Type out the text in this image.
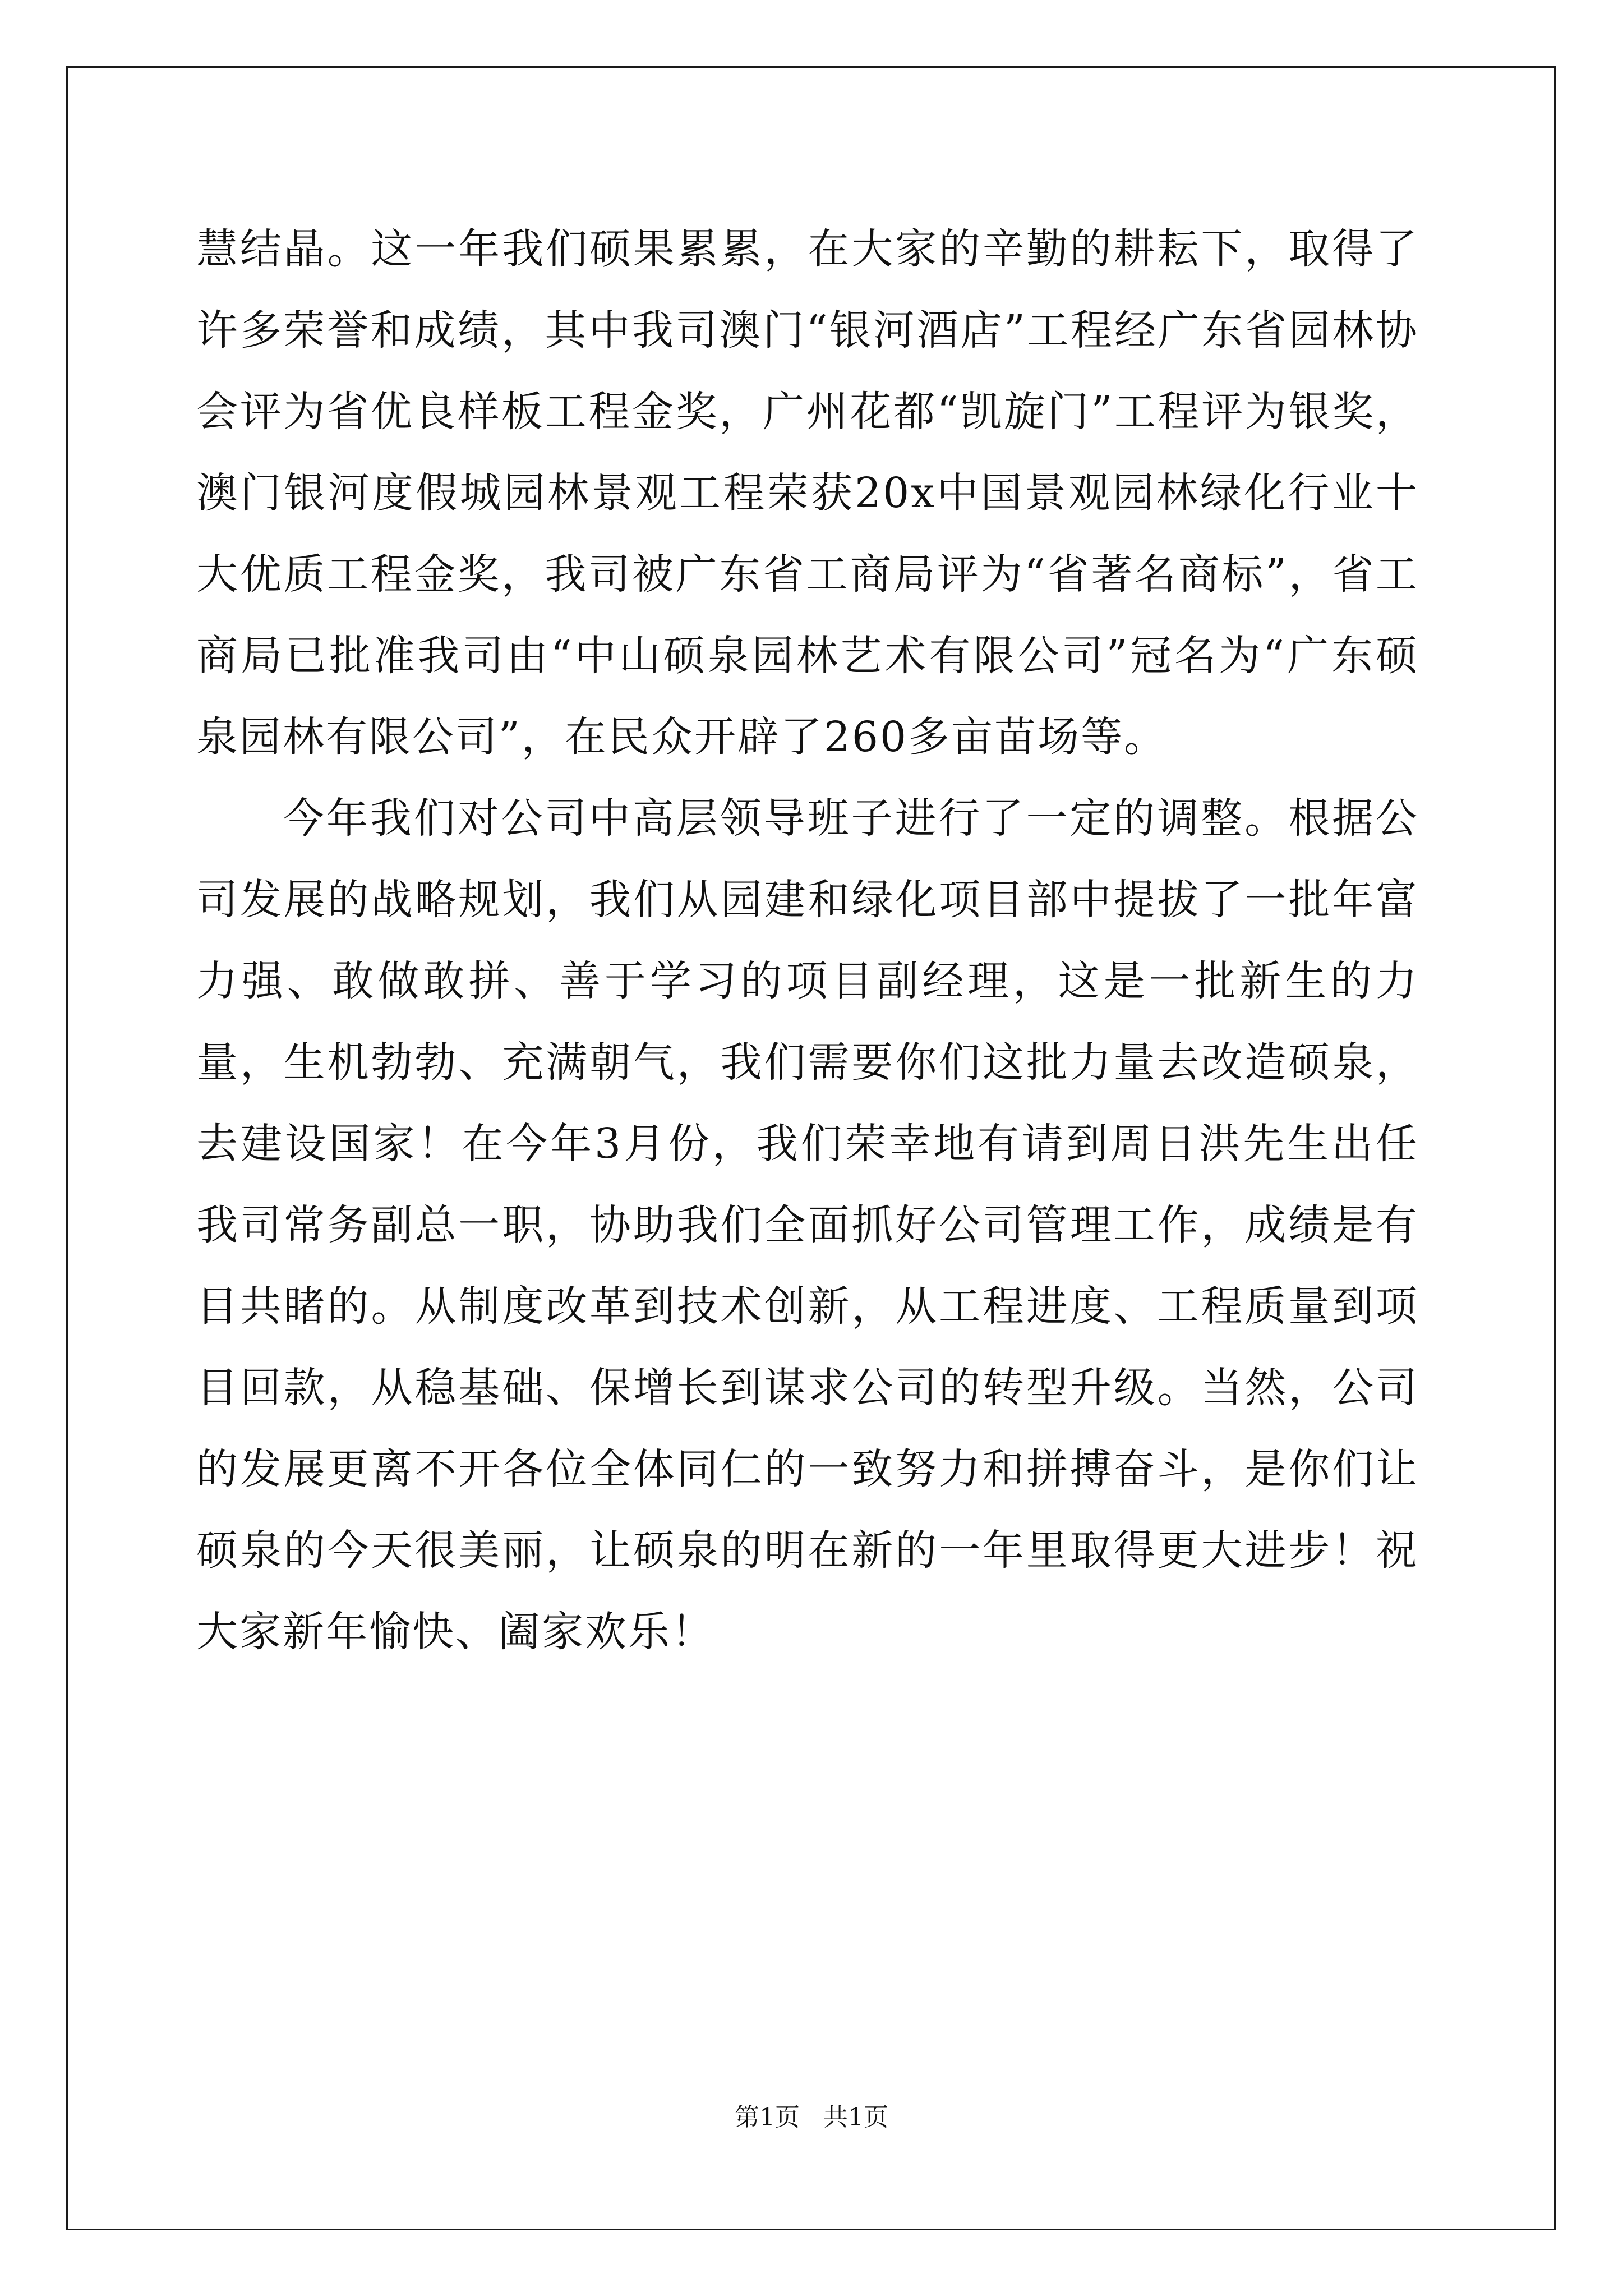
慧结晶。这一年我们硕果累累，在大家的辛勤的耕耘下，取得了许多荣誉和成绩，其中我司澳门“银河酒店”工程经广东省园林协会评为省优良样板工程金奖，广州花都“凯旋门”工程评为银奖，澳门银河度假城园林景观工程荣获20x中国景观园林绿化行业十大优质工程金奖，我司被广东省工商局评为“省著名商标”，省工商局已批准我司由“中山硕泉园林艺术有限公司”冠名为“广东硕泉园林有限公司”，在民众开辟了260多亩苗场等。

今年我们对公司中高层领导班子进行了一定的调整。根据公司发展的战略规划，我们从园建和绿化项目部中提拔了一批年富力强、敢做敢拼、善于学习的项目副经理，这是一批新生的力量，生机勃勃、充满朝气，我们需要你们这批力量去改造硕泉，去建设国家！在今年3月份，我们荣幸地有请到周日洪先生出任我司常务副总一职，协助我们全面抓好公司管理工作，成绩是有目共睹的。从制度改革到技术创新，从工程进度、工程质量到项目回款，从稳基础、保增长到谋求公司的转型升级。当然，公司的发展更离不开各位全体同仁的一致努力和拼搏奋斗，是你们让硕泉的今天很美丽，让硕泉的明在新的一年里取得更大进步！祝大家新年愉快、阖家欢乐！

第1页 共1页
